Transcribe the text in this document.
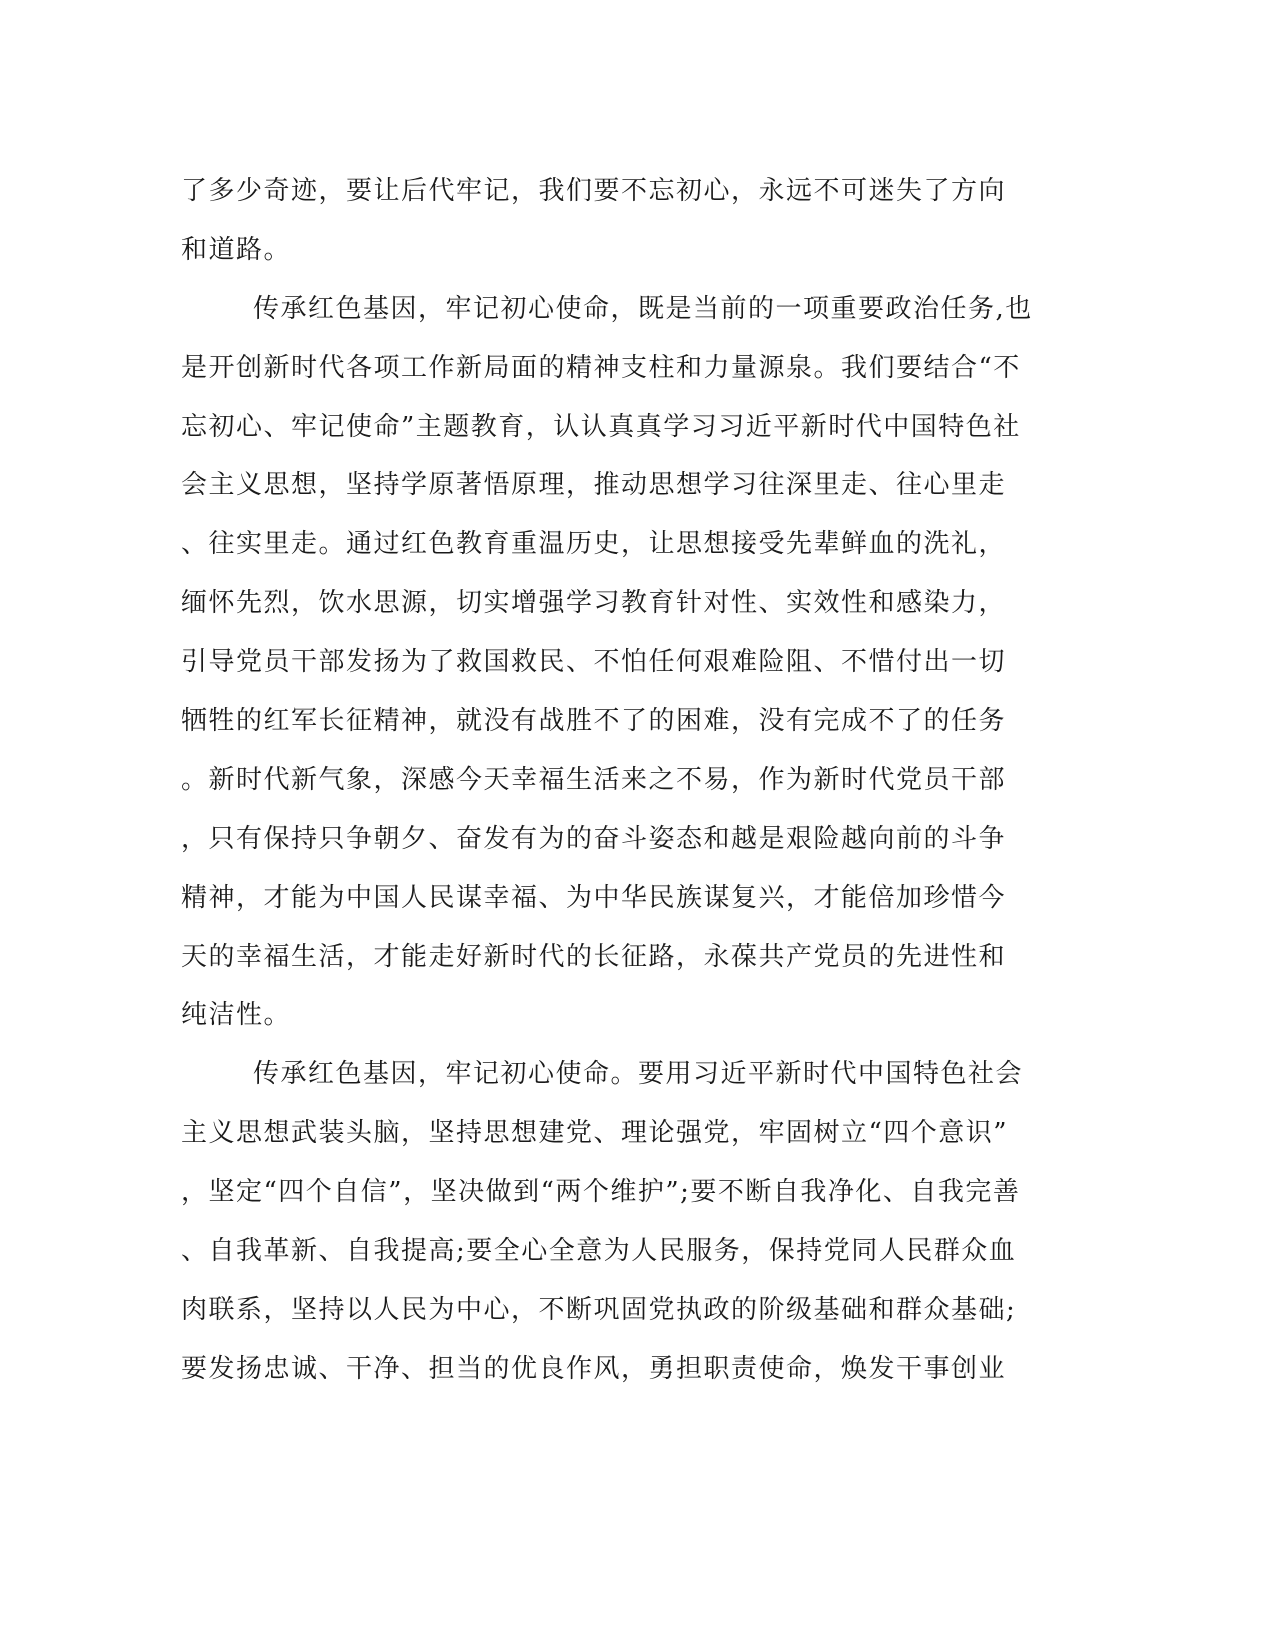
了多少奇迹，要让后代牢记，我们要不忘初心，永远不可迷失了方向
和道路。
传承红色基因，牢记初心使命，既是当前的一项重要政治任务,也
是开创新时代各项工作新局面的精神支柱和力量源泉。我们要结合“不
忘初心、牢记使命”主题教育，认认真真学习习近平新时代中国特色社
会主义思想，坚持学原著悟原理，推动思想学习往深里走、往心里走
、往实里走。通过红色教育重温历史，让思想接受先辈鲜血的洗礼，
缅怀先烈，饮水思源，切实增强学习教育针对性、实效性和感染力，
引导党员干部发扬为了救国救民、不怕任何艰难险阻、不惜付出一切
牺牲的红军长征精神，就没有战胜不了的困难，没有完成不了的任务
。新时代新气象，深感今天幸福生活来之不易，作为新时代党员干部
，只有保持只争朝夕、奋发有为的奋斗姿态和越是艰险越向前的斗争
精神，才能为中国人民谋幸福、为中华民族谋复兴，才能倍加珍惜今
天的幸福生活，才能走好新时代的长征路，永葆共产党员的先进性和
纯洁性。
传承红色基因，牢记初心使命。要用习近平新时代中国特色社会
主义思想武装头脑，坚持思想建党、理论强党，牢固树立“四个意识”
，坚定“四个自信”，坚决做到“两个维护”;要不断自我净化、自我完善
、自我革新、自我提高;要全心全意为人民服务，保持党同人民群众血
肉联系，坚持以人民为中心，不断巩固党执政的阶级基础和群众基础;
要发扬忠诚、干净、担当的优良作风，勇担职责使命，焕发干事创业
